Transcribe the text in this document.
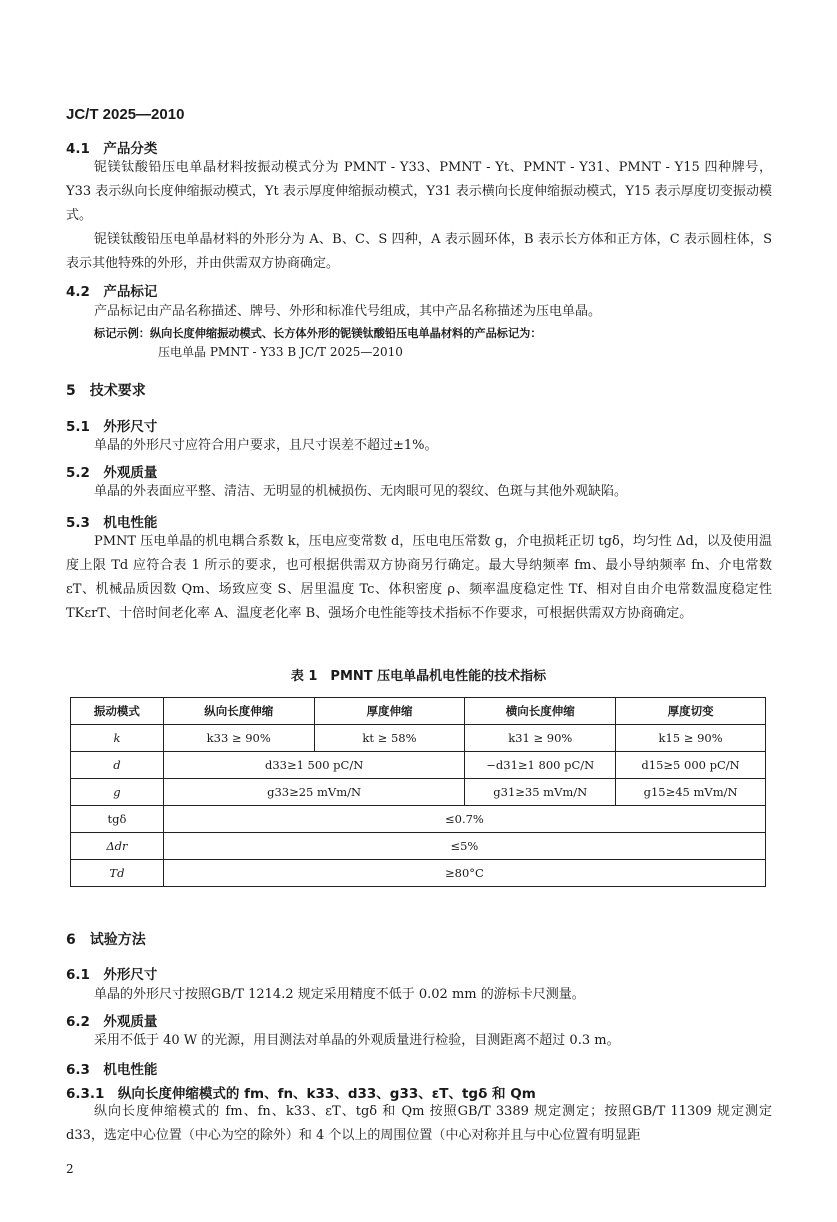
JC/T 2025—2010
4.1　产品分类
铌镁钛酸铅压电单晶材料按振动模式分为 PMNT - Y33、PMNT - Yt、PMNT - Y31、PMNT - Y15 四种牌号，Y33 表示纵向长度伸缩振动模式，Yt 表示厚度伸缩振动模式，Y31 表示横向长度伸缩振动模式，Y15 表示厚度切变振动模式。
铌镁钛酸铅压电单晶材料的外形分为 A、B、C、S 四种，A 表示圆环体，B 表示长方体和正方体，C 表示圆柱体，S 表示其他特殊的外形，并由供需双方协商确定。
4.2　产品标记
产品标记由产品名称描述、牌号、外形和标准代号组成，其中产品名称描述为压电单晶。
标记示例：纵向长度伸缩振动模式、长方体外形的铌镁钛酸铅压电单晶材料的产品标记为：
压电单晶 PMNT - Y33 B JC/T 2025—2010
5　技术要求
5.1　外形尺寸
单晶的外形尺寸应符合用户要求，且尺寸误差不超过±1%。
5.2　外观质量
单晶的外表面应平整、清洁、无明显的机械损伤、无肉眼可见的裂纹、色斑与其他外观缺陷。
5.3　机电性能
PMNT 压电单晶的机电耦合系数 k，压电应变常数 d，压电电压常数 g，介电损耗正切 tgδ，均匀性 Δd，以及使用温度上限 Td 应符合表 1 所示的要求，也可根据供需双方协商另行确定。最大导纳频率 fm、最小导纳频率 fn、介电常数 εT、机械品质因数 Qm、场致应变 S、居里温度 Tc、体积密度 ρ、频率温度稳定性 Tf、相对自由介电常数温度稳定性 TKεrT、十倍时间老化率 A、温度老化率 B、强场介电性能等技术指标不作要求，可根据供需双方协商确定。
表 1　PMNT 压电单晶机电性能的技术指标
振动模式	纵向长度伸缩	厚度伸缩	横向长度伸缩	厚度切变
k	k33 ≥ 90%	kt ≥ 58%	k31 ≥ 90%	k15 ≥ 90%
d	d33≥1 500 pC/N		−d31≥1 800 pC/N	d15≥5 000 pC/N
g	g33≥25 mVm/N		g31≥35 mVm/N	g15≥45 mVm/N
tgδ	≤0.7%			
Δdr	≤5%			
Td	≥80°C			
6　试验方法
6.1　外形尺寸
单晶的外形尺寸按照GB/T 1214.2 规定采用精度不低于 0.02 mm 的游标卡尺测量。
6.2　外观质量
采用不低于 40 W 的光源，用目测法对单晶的外观质量进行检验，目测距离不超过 0.3 m。
6.3　机电性能
6.3.1　纵向长度伸缩模式的 fm、fn、k33、d33、g33、εT、tgδ 和 Qm
纵向长度伸缩模式的 fm、fn、k33、εT、tgδ 和 Qm 按照GB/T 3389 规定测定；按照GB/T 11309 规定测定 d33，选定中心位置（中心为空的除外）和 4 个以上的周围位置（中心对称并且与中心位置有明显距
2
